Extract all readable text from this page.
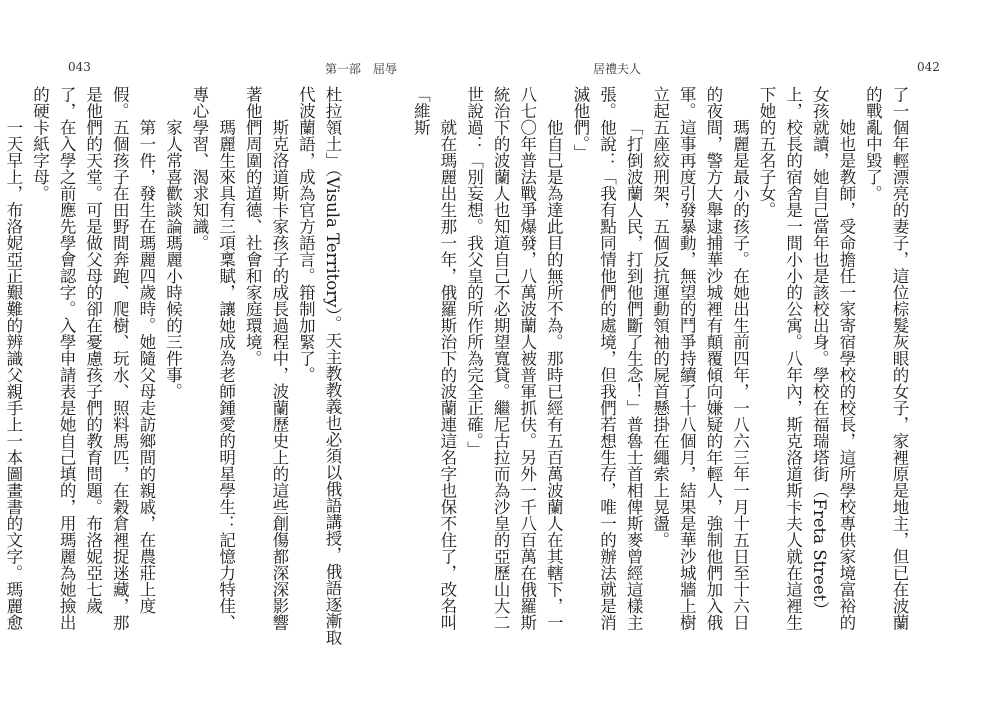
043	第一部　屈辱

杜拉領土」（Visula Territory）。天主教教義也必須以俄語講授，俄語逐漸取代波蘭語，成為官方語言。箝制加緊了。

斯克洛道斯卡家孩子的成長過程中，波蘭歷史上的這些創傷都深深影響著他們周圍的道德、社會和家庭環境。

瑪麗生來具有三項稟賦，讓她成為老師鍾愛的明星學生：記憶力特佳、專心學習、渴求知識。

家人常喜歡談論瑪麗小時候的三件事。

第一件，發生在瑪麗四歲時。她隨父母走訪鄉間的親戚，在農莊上度假。五個孩子在田野間奔跑、爬樹、玩水、照料馬匹，在穀倉裡捉迷藏，那是他們的天堂。可是做父母的卻在憂慮孩子們的教育問題。布洛妮亞七歲了，在入學之前應先學會認字。入學申請表是她自己填的，用瑪麗為她撿出的硬卡紙字母。

一天早上，布洛妮亞正艱難的辨識父親手上一本圖畫書的文字。瑪麗愈

居禮夫人	042

了一個年輕漂亮的妻子，這位棕髮灰眼的女子，家裡原是地主，但已在波蘭的戰亂中毀了。

她也是教師，受命擔任一家寄宿學校的校長，這所學校專供家境富裕的女孩就讀，她自己當年也是該校出身。學校在福瑞塔街（Freta Street）上，校長的宿舍是一間小小的公寓。八年內，斯克洛道斯卡夫人就在這裡生下她的五名子女。

瑪麗是最小的孩子。在她出生前四年，一八六三年一月十五日至十六日的夜間，警方大舉逮捕華沙城裡有顛覆傾向嫌疑的年輕人，強制他們加入俄軍。這事再度引發暴動，無望的鬥爭持續了十八個月，結果是華沙城牆上樹立起五座絞刑架，五個反抗運動領袖的屍首懸掛在繩索上晃盪。

「打倒波蘭人民，打到他們斷了生念！」普魯士首相俾斯麥曾經這樣主張。他說：「我有點同情他們的處境，但我們若想生存，唯一的辦法就是消滅他們。」

他自己是為達此目的無所不為。那時已經有五百萬波蘭人在其轄下，一八七〇年普法戰爭爆發，八萬波蘭人被普軍抓伕。另外一千八百萬在俄羅斯統治下的波蘭人也知道自己不必期望寬貸。繼尼古拉而為沙皇的亞歷山大二世說過：「別妄想。我父皇的所作所為完全正確。」

就在瑪麗出生那一年，俄羅斯治下的波蘭連這名字也保不住了，改名叫「維斯
